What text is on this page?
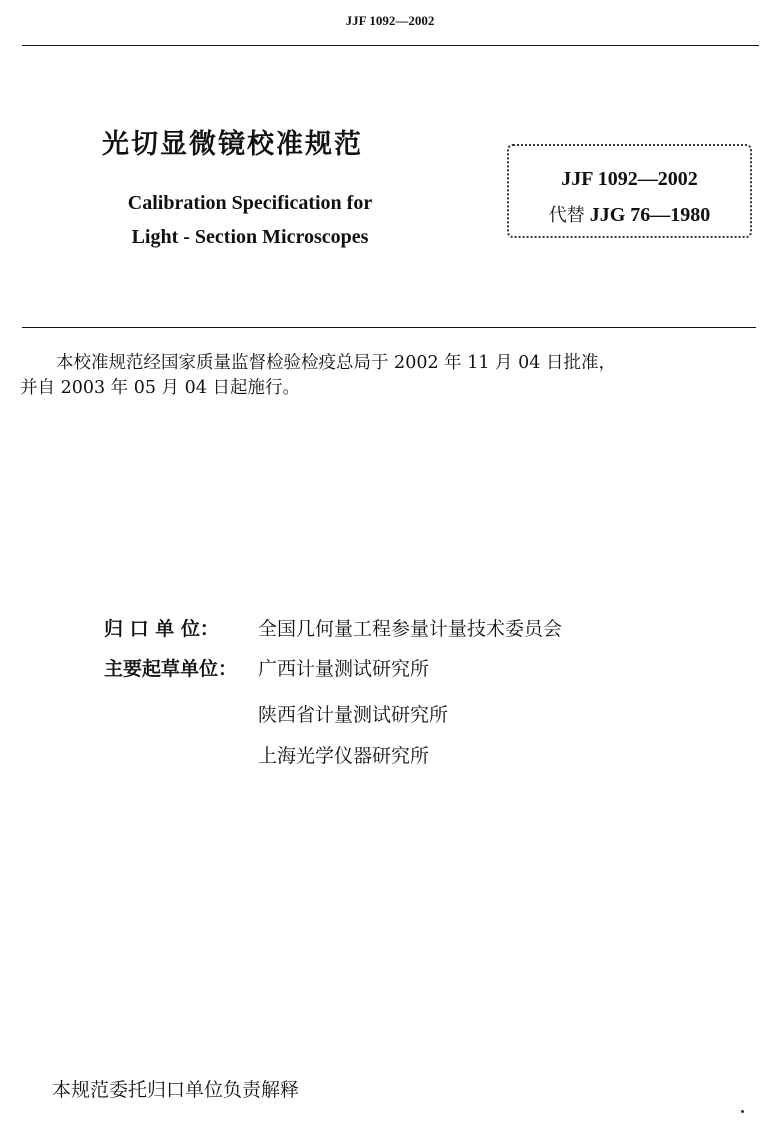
JJF 1092—2002
光切显微镜校准规范
Calibration Specification for
Light - Section Microscopes
JJF 1092—2002
代替 JJG 76—1980
本校准规范经国家质量监督检验检疫总局于 2002 年 11 月 04 日批准，
并自 2003 年 05 月 04 日起施行。
归 口 单 位： 全国几何量工程参量计量技术委员会
主要起草单位： 广西计量测试研究所
陕西省计量测试研究所
上海光学仪器研究所
本规范委托归口单位负责解释
